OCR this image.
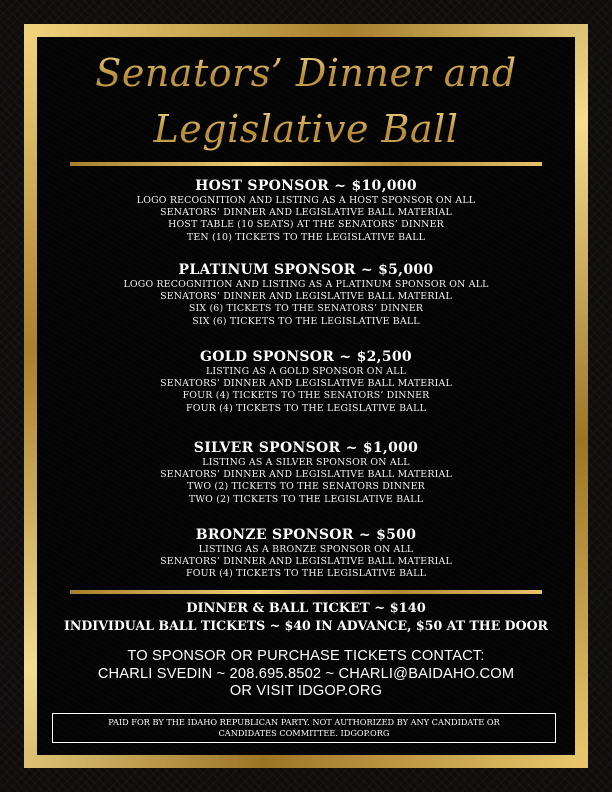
Senators’ Dinner and
Legislative Ball
HOST SPONSOR ~ $10,000
LOGO RECOGNITION AND LISTING AS A HOST SPONSOR ON ALL
SENATORS’ DINNER AND LEGISLATIVE BALL MATERIAL
HOST TABLE (10 SEATS) AT THE SENATORS’ DINNER
TEN (10) TICKETS TO THE LEGISLATIVE BALL
PLATINUM SPONSOR ~ $5,000
LOGO RECOGNITION AND LISTING AS A PLATINUM SPONSOR ON ALL
SENATORS’ DINNER AND LEGISLATIVE BALL MATERIAL
SIX (6) TICKETS TO THE SENATORS’ DINNER
SIX (6) TICKETS TO THE LEGISLATIVE BALL
GOLD SPONSOR ~ $2,500
LISTING AS A GOLD SPONSOR ON ALL
SENATORS’ DINNER AND LEGISLATIVE BALL MATERIAL
FOUR (4) TICKETS TO THE SENATORS’ DINNER
FOUR (4) TICKETS TO THE LEGISLATIVE BALL
SILVER SPONSOR ~ $1,000
LISTING AS A SILVER SPONSOR ON ALL
SENATORS’ DINNER AND LEGISLATIVE BALL MATERIAL
TWO (2) TICKETS TO THE SENATORS DINNER
TWO (2) TICKETS TO THE LEGISLATIVE BALL
BRONZE SPONSOR ~ $500
LISTING AS A BRONZE SPONSOR ON ALL
SENATORS’ DINNER AND LEGISLATIVE BALL MATERIAL
FOUR (4) TICKETS TO THE LEGISLATIVE BALL
DINNER & BALL TICKET ~ $140
INDIVIDUAL BALL TICKETS ~ $40 IN ADVANCE, $50 AT THE DOOR
TO SPONSOR OR PURCHASE TICKETS CONTACT:
CHARLI SVEDIN ~ 208.695.8502 ~ CHARLI@BAIDAHO.COM
OR VISIT IDGOP.ORG
PAID FOR BY THE IDAHO REPUBLICAN PARTY. NOT AUTHORIZED BY ANY CANDIDATE OR
CANDIDATES COMMITTEE. IDGOP.ORG
